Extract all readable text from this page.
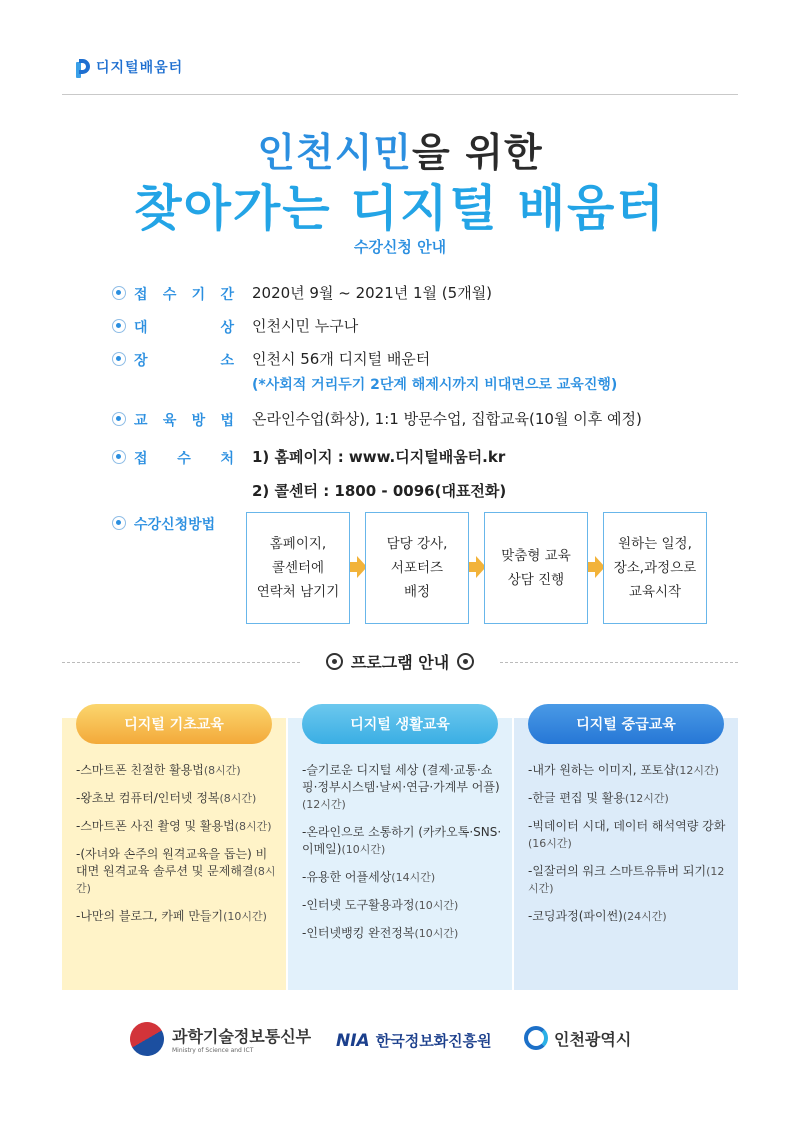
디지털배움터
인천시민을 위한
찾아가는 디지털 배움터
수강신청 안내
접 수 기 간 2020년 9월 ~ 2021년 1월 (5개월)
대	상 인천시민 누구나
장	소 인천시 56개 디지털 배운터
(*사회적 거리두기 2단계 해제시까지 비대면으로 교육진행)
교 육 방 법 온라인수업(화상), 1:1 방문수업, 집합교육(10월 이후 예정)
접 수 처 1) 홈페이지 : www.디지털배움터.kr
2) 콜센터 : 1800 - 0096(대표전화)
수강신청방법
홈페이지,
콜센터에
연락처 남기기
담당 강사,
서포터즈
배정
맞춤형 교육
상담 진행
원하는 일정,
장소,과정으로
교육시작
프로그램 안내
디지털 기초교육
-스마트폰 친절한 활용법(8시간)
-왕초보 컴퓨터/인터넷 정복(8시간)
-스마트폰 사진 촬영 및 활용법(8시간)
-(자녀와 손주의 원격교육을 돕는) 비대면 원격교육 솔루션 및 문제해결(8시간)
-나만의 블로그, 카페 만들기(10시간)
디지털 생활교육
-슬기로운 디지털 세상 (결제·교통·쇼핑·정부시스템·날씨·연금·가계부 어플)(12시간)
-온라인으로 소통하기 (카카오톡·SNS·이메일)(10시간)
-유용한 어플세상(14시간)
-인터넷 도구활용과정(10시간)
-인터넷뱅킹 완전정복(10시간)
디지털 중급교육
-내가 원하는 이미지, 포토샵(12시간)
-한글 편집 및 활용(12시간)
-빅데이터 시대, 데이터 해석역량 강화(16시간)
-일잘러의 워크 스마트유튜버 되기(12시간)
-코딩과정(파이썬)(24시간)
과학기술정보통신부
Ministry of Science and ICT	NIA 한국정보화진흥원	인천광역시
